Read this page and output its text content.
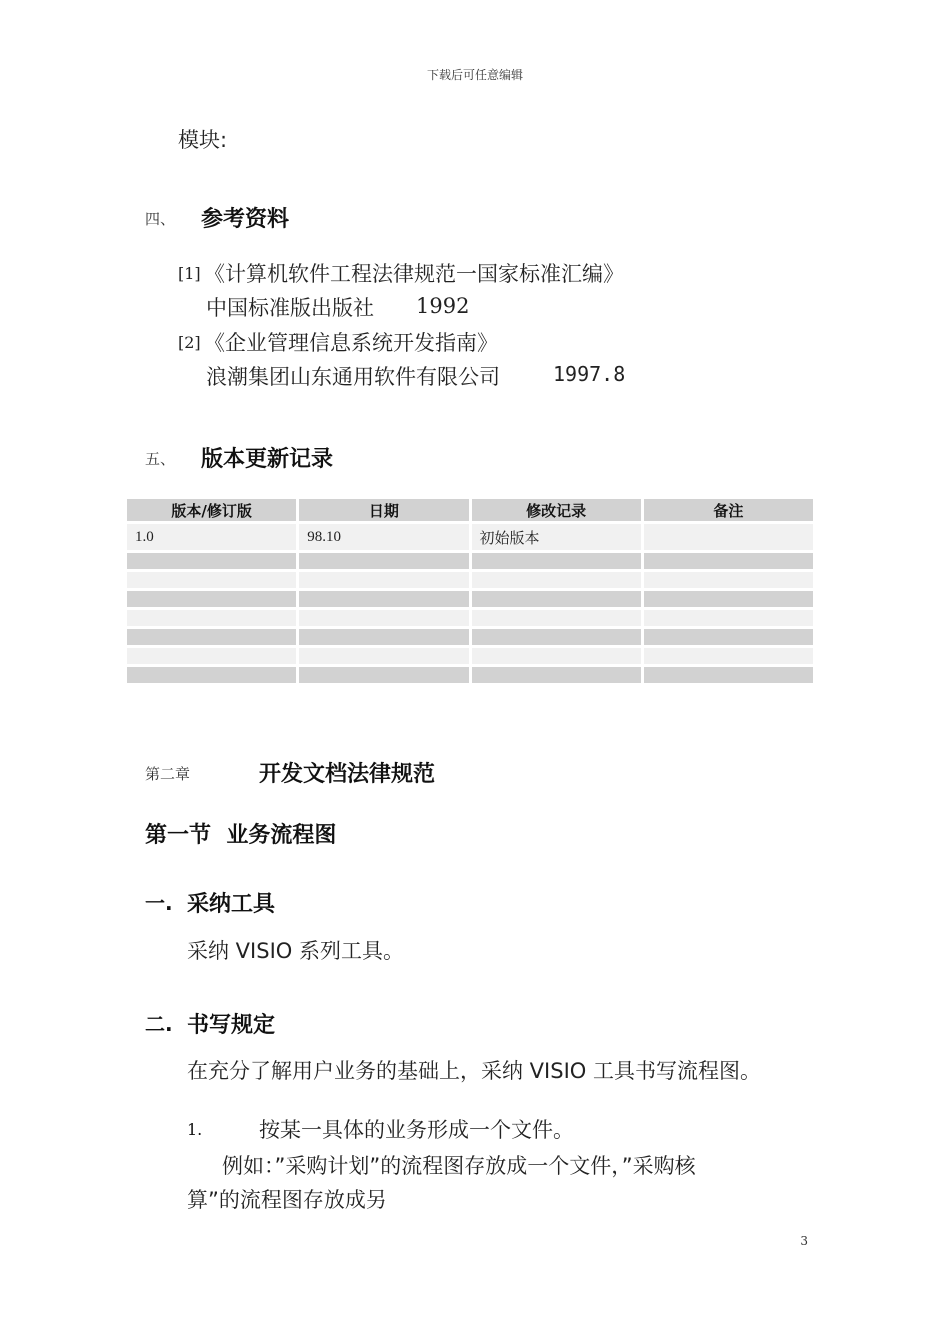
下载后可任意编辑
模块:
四、 参考资料
[1] 《计算机软件工程法律规范一国家标准汇编》
中国标准版出版社 1992
[2] 《企业管理信息系统开发指南》
浪潮集团山东通用软件有限公司	1997.8
五、 版本更新记录
版本/修订版	日期	修改记录	备注
1.0	98.10	初始版本	

第二章	开发文档法律规范
第一节  业务流程图
一. 采纳工具
采纳 VISIO 系列工具。
二. 书写规定
在充分了解用户业务的基础上，采纳 VISIO 工具书写流程图。
1.	按某一具体的业务形成一个文件。
例如：”采购计划”的流程图存放成一个文件，”采购核
算”的流程图存放成另
3
